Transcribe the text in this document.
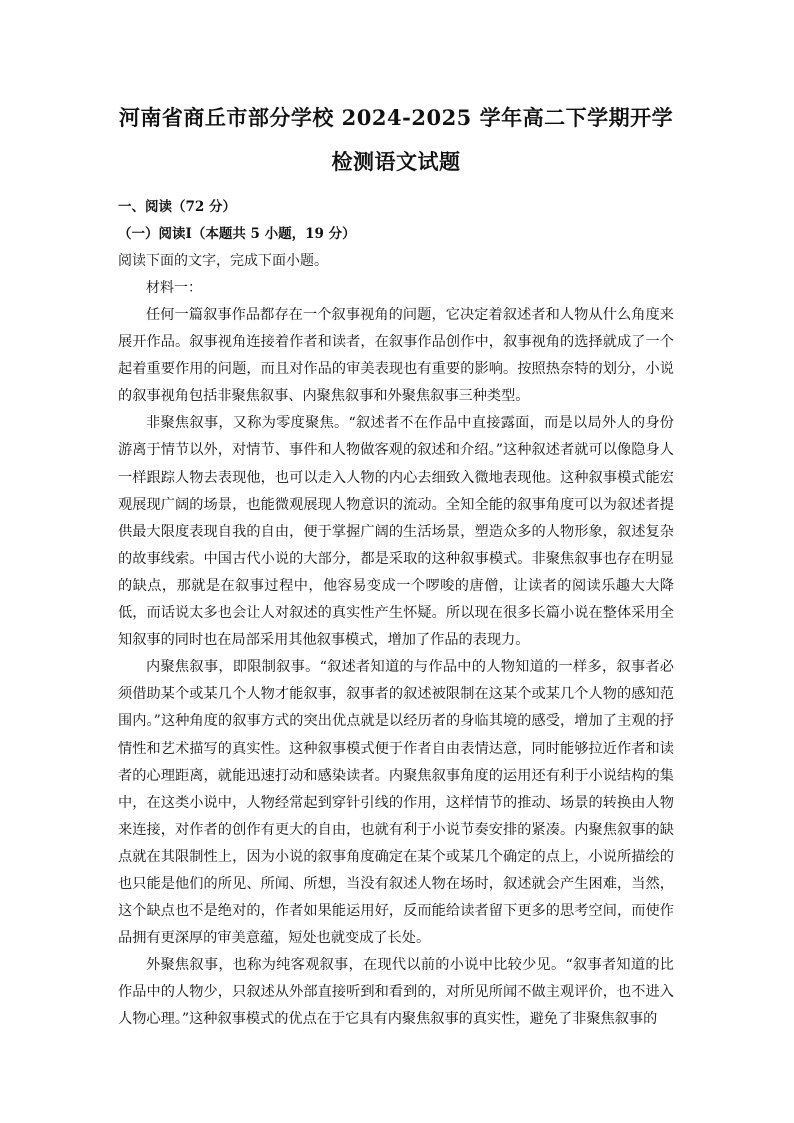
河南省商丘市部分学校 2024-2025 学年高二下学期开学
检测语文试题

一、阅读（72 分）

（一）阅读Ⅰ（本题共 5 小题，19 分）

阅读下面的文字，完成下面小题。

材料一：

任何一篇叙事作品都存在一个叙事视角的问题，它决定着叙述者和人物从什么角度来展开作品。叙事视角连接着作者和读者，在叙事作品创作中，叙事视角的选择就成了一个起着重要作用的问题，而且对作品的审美表现也有重要的影响。按照热奈特的划分，小说的叙事视角包括非聚焦叙事、内聚焦叙事和外聚焦叙事三种类型。

非聚焦叙事，又称为零度聚焦。“叙述者不在作品中直接露面，而是以局外人的身份游离于情节以外，对情节、事件和人物做客观的叙述和介绍。”这种叙述者就可以像隐身人一样跟踪人物去表现他，也可以走入人物的内心去细致入微地表现他。这种叙事模式能宏观展现广阔的场景，也能微观展现人物意识的流动。全知全能的叙事角度可以为叙述者提供最大限度表现自我的自由，便于掌握广阔的生活场景，塑造众多的人物形象，叙述复杂的故事线索。中国古代小说的大部分，都是采取的这种叙事模式。非聚焦叙事也存在明显的缺点，那就是在叙事过程中，他容易变成一个啰唆的唐僧，让读者的阅读乐趣大大降低，而话说太多也会让人对叙述的真实性产生怀疑。所以现在很多长篇小说在整体采用全知叙事的同时也在局部采用其他叙事模式，增加了作品的表现力。

内聚焦叙事，即限制叙事。“叙述者知道的与作品中的人物知道的一样多，叙事者必须借助某个或某几个人物才能叙事，叙事者的叙述被限制在这某个或某几个人物的感知范围内。”这种角度的叙事方式的突出优点就是以经历者的身临其境的感受，增加了主观的抒情性和艺术描写的真实性。这种叙事模式便于作者自由表情达意，同时能够拉近作者和读者的心理距离，就能迅速打动和感染读者。内聚焦叙事角度的运用还有利于小说结构的集中，在这类小说中，人物经常起到穿针引线的作用，这样情节的推动、场景的转换由人物来连接，对作者的创作有更大的自由，也就有利于小说节奏安排的紧凑。内聚焦叙事的缺点就在其限制性上，因为小说的叙事角度确定在某个或某几个确定的点上，小说所描绘的也只能是他们的所见、所闻、所想，当没有叙述人物在场时，叙述就会产生困难，当然，这个缺点也不是绝对的，作者如果能运用好，反而能给读者留下更多的思考空间，而使作品拥有更深厚的审美意蕴，短处也就变成了长处。

外聚焦叙事，也称为纯客观叙事，在现代以前的小说中比较少见。“叙事者知道的比作品中的人物少，只叙述从外部直接听到和看到的，对所见所闻不做主观评价，也不进入人物心理。”这种叙事模式的优点在于它具有内聚焦叙事的真实性，避免了非聚焦叙事的
